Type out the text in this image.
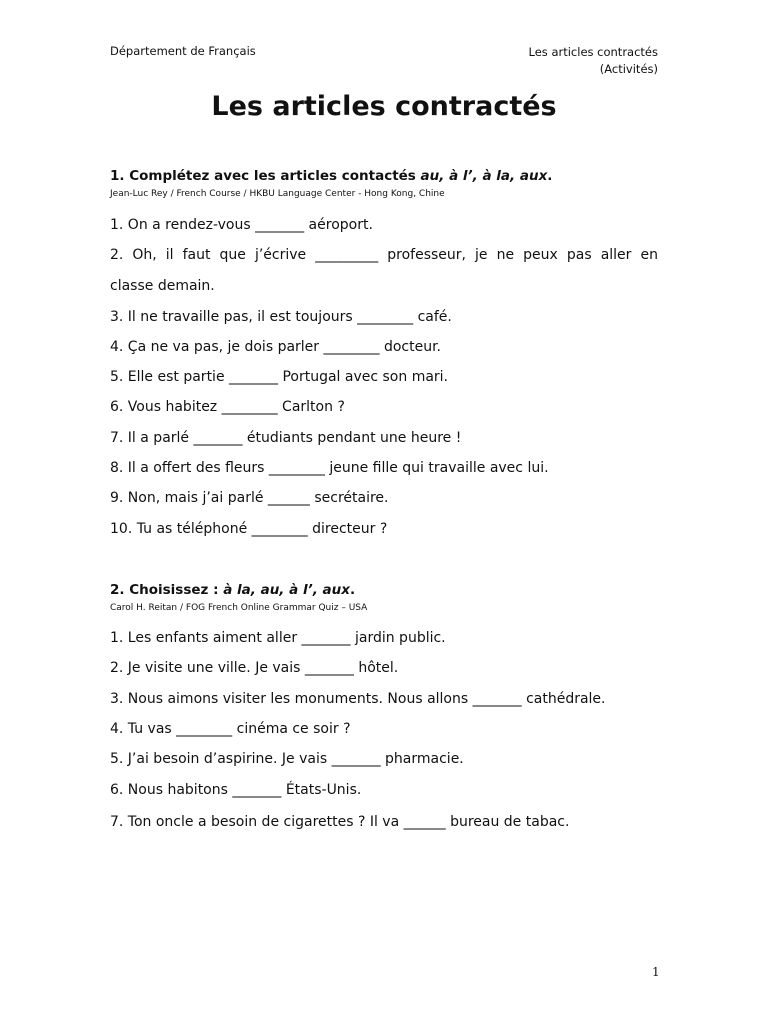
Département de Français	Les articles contractés
(Activités)
Les articles contractés
1. Complétez avec les articles contactés au, à l’, à la, aux.
Jean-Luc Rey / French Course / HKBU Language Center - Hong Kong, Chine
1. On a rendez-vous _______ aéroport.
2. Oh, il faut que j’écrive _________ professeur, je ne peux pas aller en
classe demain.
3. Il ne travaille pas, il est toujours ________ café.
4. Ça ne va pas, je dois parler ________ docteur.
5. Elle est partie _______ Portugal avec son mari.
6. Vous habitez ________ Carlton ?
7. Il a parlé _______ étudiants pendant une heure !
8. Il a offert des fleurs ________ jeune fille qui travaille avec lui.
9. Non, mais j’ai parlé ______ secrétaire.
10. Tu as téléphoné ________ directeur ?
2. Choisissez : à la, au, à l’, aux.
Carol H. Reitan / FOG French Online Grammar Quiz – USA
1. Les enfants aiment aller _______ jardin public.
2. Je visite une ville. Je vais _______ hôtel.
3. Nous aimons visiter les monuments. Nous allons _______ cathédrale.
4. Tu vas ________ cinéma ce soir ?
5. J’ai besoin d’aspirine. Je vais _______ pharmacie.
6. Nous habitons _______ États-Unis.
7. Ton oncle a besoin de cigarettes ? Il va ______ bureau de tabac.
1
